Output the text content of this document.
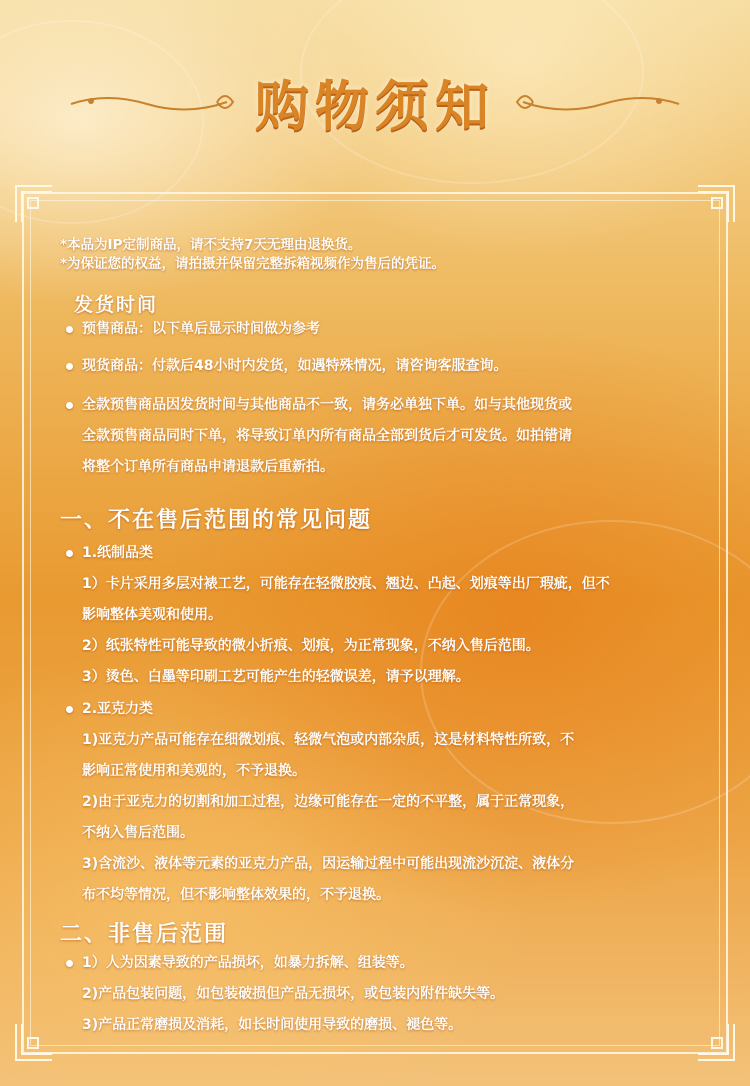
购物须知
*本品为IP定制商品，请不支持7天无理由退换货。
*为保证您的权益，请拍摄并保留完整拆箱视频作为售后的凭证。
发货时间
预售商品：以下单后显示时间做为参考
现货商品：付款后48小时内发货，如遇特殊情况，请咨询客服查询。
全款预售商品因发货时间与其他商品不一致，请务必单独下单。如与其他现货或
全款预售商品同时下单，将导致订单内所有商品全部到货后才可发货。如拍错请
将整个订单所有商品申请退款后重新拍。
一、不在售后范围的常见问题
1.纸制品类
1）卡片采用多层对裱工艺，可能存在轻微胶痕、翘边、凸起、划痕等出厂瑕疵，但不
影响整体美观和使用。
2）纸张特性可能导致的微小折痕、划痕，为正常现象，不纳入售后范围。
3）烫色、白墨等印刷工艺可能产生的轻微误差，请予以理解。
2.亚克力类
1)亚克力产品可能存在细微划痕、轻微气泡或内部杂质，这是材料特性所致，不
影响正常使用和美观的，不予退换。
2)由于亚克力的切割和加工过程，边缘可能存在一定的不平整，属于正常现象，
不纳入售后范围。
3)含流沙、液体等元素的亚克力产品，因运输过程中可能出现流沙沉淀、液体分
布不均等情况，但不影响整体效果的，不予退换。
二、非售后范围
1）人为因素导致的产品损坏，如暴力拆解、组装等。
2)产品包装问题，如包装破损但产品无损坏，或包装内附件缺失等。
3)产品正常磨损及消耗，如长时间使用导致的磨损、褪色等。
